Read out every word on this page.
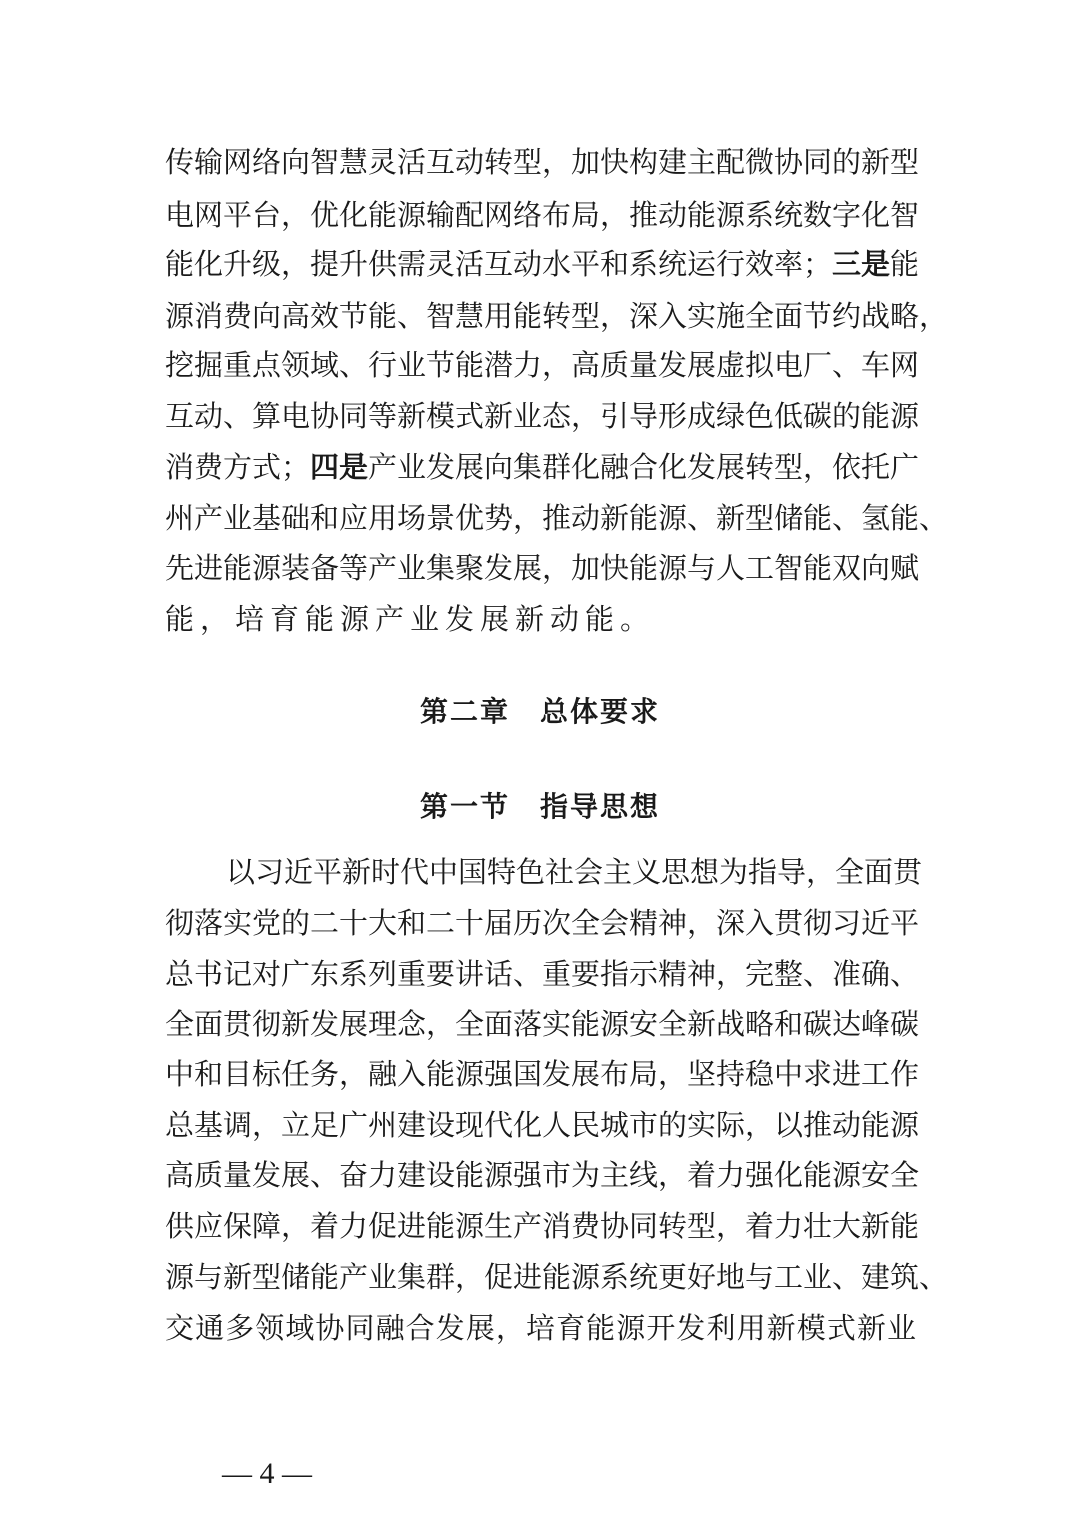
传输网络向智慧灵活互动转型，加快构建主配微协同的新型
电网平台，优化能源输配网络布局，推动能源系统数字化智
能化升级，提升供需灵活互动水平和系统运行效率；三是能
源消费向高效节能、智慧用能转型，深入实施全面节约战略，
挖掘重点领域、行业节能潜力，高质量发展虚拟电厂、车网
互动、算电协同等新模式新业态，引导形成绿色低碳的能源
消费方式；四是产业发展向集群化融合化发展转型，依托广
州产业基础和应用场景优势，推动新能源、新型储能、氢能、
先进能源装备等产业集聚发展，加快能源与人工智能双向赋
能，培育能源产业发展新动能。
第二章　总体要求
第一节　指导思想
以习近平新时代中国特色社会主义思想为指导，全面贯
彻落实党的二十大和二十届历次全会精神，深入贯彻习近平
总书记对广东系列重要讲话、重要指示精神，完整、准确、
全面贯彻新发展理念，全面落实能源安全新战略和碳达峰碳
中和目标任务，融入能源强国发展布局，坚持稳中求进工作
总基调，立足广州建设现代化人民城市的实际，以推动能源
高质量发展、奋力建设能源强市为主线，着力强化能源安全
供应保障，着力促进能源生产消费协同转型，着力壮大新能
源与新型储能产业集群，促进能源系统更好地与工业、建筑、
交通多领域协同融合发展，培育能源开发利用新模式新业
— 4 —
